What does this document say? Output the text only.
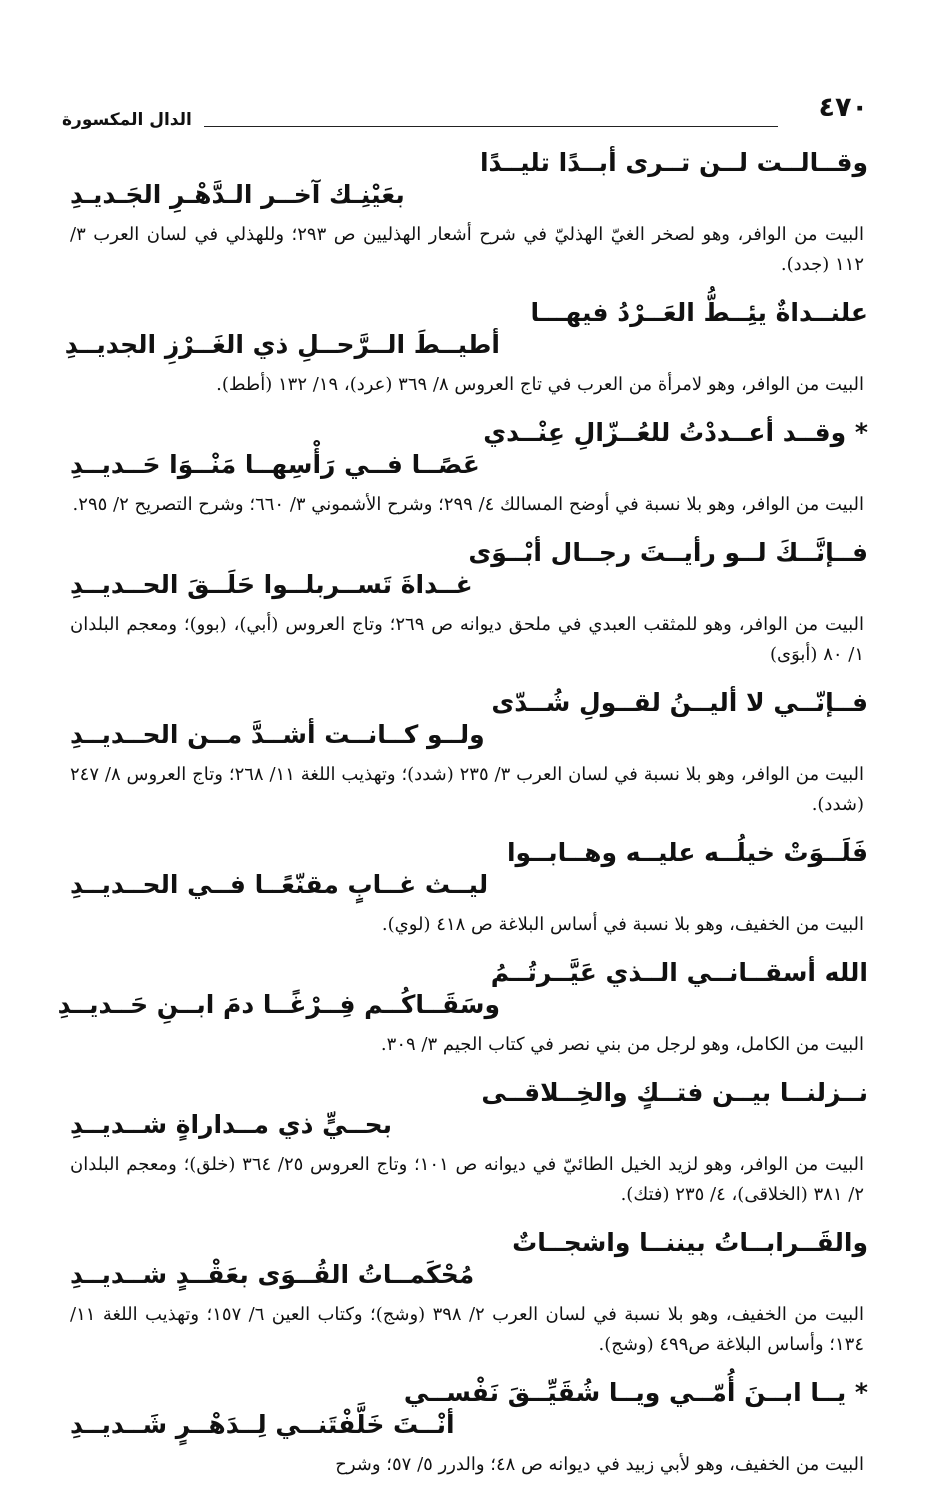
٤٧٠
الدال المكسورة
وقــالــت لــن تــرى أبــدًا تليــدًا
بعَيْنِـك آخــر الـدَّهْـرِ الجَـديـدِ
البيت من الوافر، وهو لصخر الغيّ الهذليّ في شرح أشعار الهذليين ص ٢٩٣؛ وللهذلي في لسان العرب ٣/ ١١٢ (جدد).
علنــداةٌ يئِــطُّ العَــرْدُ فيهـــا
أطيــطَ الــرَّحــلِ ذي الغَــرْزِ الجديــدِ
البيت من الوافر، وهو لامرأة من العرب في تاج العروس ٨/ ٣٦٩ (عرد)، ١٩/ ١٣٢ (أطط).
* وقــد أعــددْتُ للعُــزّالِ عِنْــدي
عَصًــا فــي رَأْسِهــا مَنْــوَا حَــديــدِ
البيت من الوافر، وهو بلا نسبة في أوضح المسالك ٤/ ٢٩٩؛ وشرح الأشموني ٣/ ٦٦٠؛ وشرح التصريح ٢/ ٢٩٥.
فــإنَّــكَ لــو رأيــتَ رجــال أبْــوَى
غــداةَ تَســربلــوا حَلَــقَ الحــديــدِ
البيت من الوافر، وهو للمثقب العبدي في ملحق ديوانه ص ٢٦٩؛ وتاج العروس (أبي)، (بوو)؛ ومعجم البلدان ١/ ٨٠ (أبوَى)
فــإنّــي لا أليــنُ لقــولِ شُــدّى
ولــو كــانــت أشــدَّ مــن الحــديــدِ
البيت من الوافر، وهو بلا نسبة في لسان العرب ٣/ ٢٣٥ (شدد)؛ وتهذيب اللغة ١١/ ٢٦٨؛ وتاج العروس ٨/ ٢٤٧ (شدد).
فَلَــوَتْ خيلُــه عليــه وهــابــوا
ليــث غــابٍ مقنّعًــا فــي الحــديــدِ
البيت من الخفيف، وهو بلا نسبة في أساس البلاغة ص ٤١٨ (لوي).
الله أسقــانــي الــذي عَيَّــرتُــمُ
وسَقَــاكُــم فِــرْغًــا دمَ ابــنِ حَــديــدِ
البيت من الكامل، وهو لرجل من بني نصر في كتاب الجيم ٣/ ٣٠٩.
نــزلنــا بيــن فتــكٍ والخِــلاقــى
بحــيٍّ ذي مــداراةٍ شــديــدِ
البيت من الوافر، وهو لزيد الخيل الطائيّ في ديوانه ص ١٠١؛ وتاج العروس ٢٥/ ٣٦٤ (خلق)؛ ومعجم البلدان ٢/ ٣٨١ (الخلاقى)، ٤/ ٢٣٥ (فتك).
والقَــرابــاتُ بيننــا واشجــاتٌ
مُحْكَمــاتُ القُــوَى بعَقْــدٍ شــديــدِ
البيت من الخفيف، وهو بلا نسبة في لسان العرب ٢/ ٣٩٨ (وشج)؛ وكتاب العين ٦/ ١٥٧؛ وتهذيب اللغة ١١/ ١٣٤؛ وأساس البلاغة ص٤٩٩ (وشج).
* يــا ابــنَ أُمّــي ويــا شُقَيِّــقَ نَفْســي
أنْــتَ خَلَّفْتَنــي لِــدَهْــرٍ شَــديــدِ
البيت من الخفيف، وهو لأبي زبيد في ديوانه ص ٤٨؛ والدرر ٥/ ٥٧؛ وشرح
